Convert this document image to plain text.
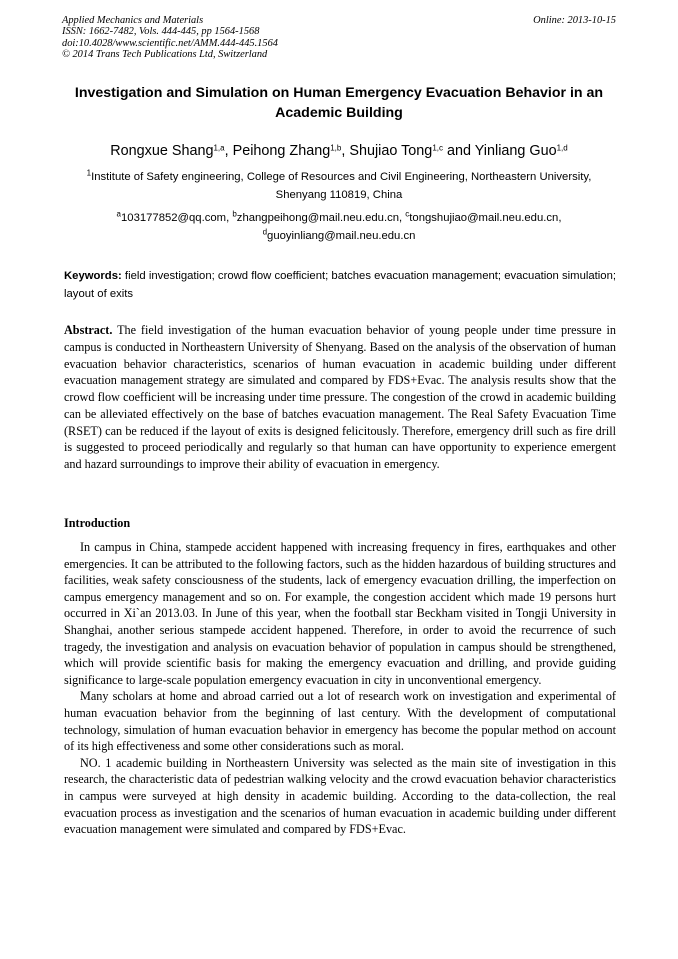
Applied Mechanics and Materials
ISSN: 1662-7482, Vols. 444-445, pp 1564-1568
doi:10.4028/www.scientific.net/AMM.444-445.1564
© 2014 Trans Tech Publications Ltd, Switzerland
Online: 2013-10-15
Investigation and Simulation on Human Emergency Evacuation Behavior in an Academic Building
Rongxue Shang$^{1,a}$, Peihong Zhang$^{1,b}$, Shujiao Tong$^{1,c}$ and Yinliang Guo$^{1,d}$
$^1$Institute of Safety engineering, College of Resources and Civil Engineering, Northeastern University, Shenyang 110819, China
$^a$103177852@qq.com, $^b$zhangpeihong@mail.neu.edu.cn, $^c$tongshujiao@mail.neu.edu.cn,
$^d$guoyinliang@mail.neu.edu.cn
Keywords: field investigation; crowd flow coefficient; batches evacuation management; evacuation simulation; layout of exits
Abstract. The field investigation of the human evacuation behavior of young people under time pressure in campus is conducted in Northeastern University of Shenyang. Based on the analysis of the observation of human evacuation behavior characteristics, scenarios of human evacuation in academic building under different evacuation management strategy are simulated and compared by FDS+Evac. The analysis results show that the crowd flow coefficient will be increasing under time pressure. The congestion of the crowd in academic building can be alleviated effectively on the base of batches evacuation management. The Real Safety Evacuation Time (RSET) can be reduced if the layout of exits is designed felicitously. Therefore, emergency drill such as fire drill is suggested to proceed periodically and regularly so that human can have opportunity to experience emergent and hazard surroundings to improve their ability of evacuation in emergency.
Introduction

In campus in China, stampede accident happened with increasing frequency in fires, earthquakes and other emergencies. It can be attributed to the following factors, such as the hidden hazardous of building structures and facilities, weak safety consciousness of the students, lack of emergency evacuation drilling, the imperfection on campus emergency management and so on. For example, the congestion accident which made 19 persons hurt occurred in Xi`an 2013.03. In June of this year, when the football star Beckham visited in Tongji University in Shanghai, another serious stampede accident happened. Therefore, in order to avoid the recurrence of such tragedy, the investigation and analysis on evacuation behavior of population in campus should be strengthened, which will provide scientific basis for making the emergency evacuation and drilling, and provide guiding significance to large-scale population emergency evacuation in city in unconventional emergency.

Many scholars at home and abroad carried out a lot of research work on investigation and experimental of human evacuation behavior from the beginning of last century. With the development of computational technology, simulation of human evacuation behavior in emergency has become the popular method on account of its high effectiveness and some other considerations such as moral.

NO. 1 academic building in Northeastern University was selected as the main site of investigation in this research, the characteristic data of pedestrian walking velocity and the crowd evacuation behavior characteristics in campus were surveyed at high density in academic building. According to the data-collection, the real evacuation process as investigation and the scenarios of human evacuation in academic building under different evacuation management were simulated and compared by FDS+Evac.
